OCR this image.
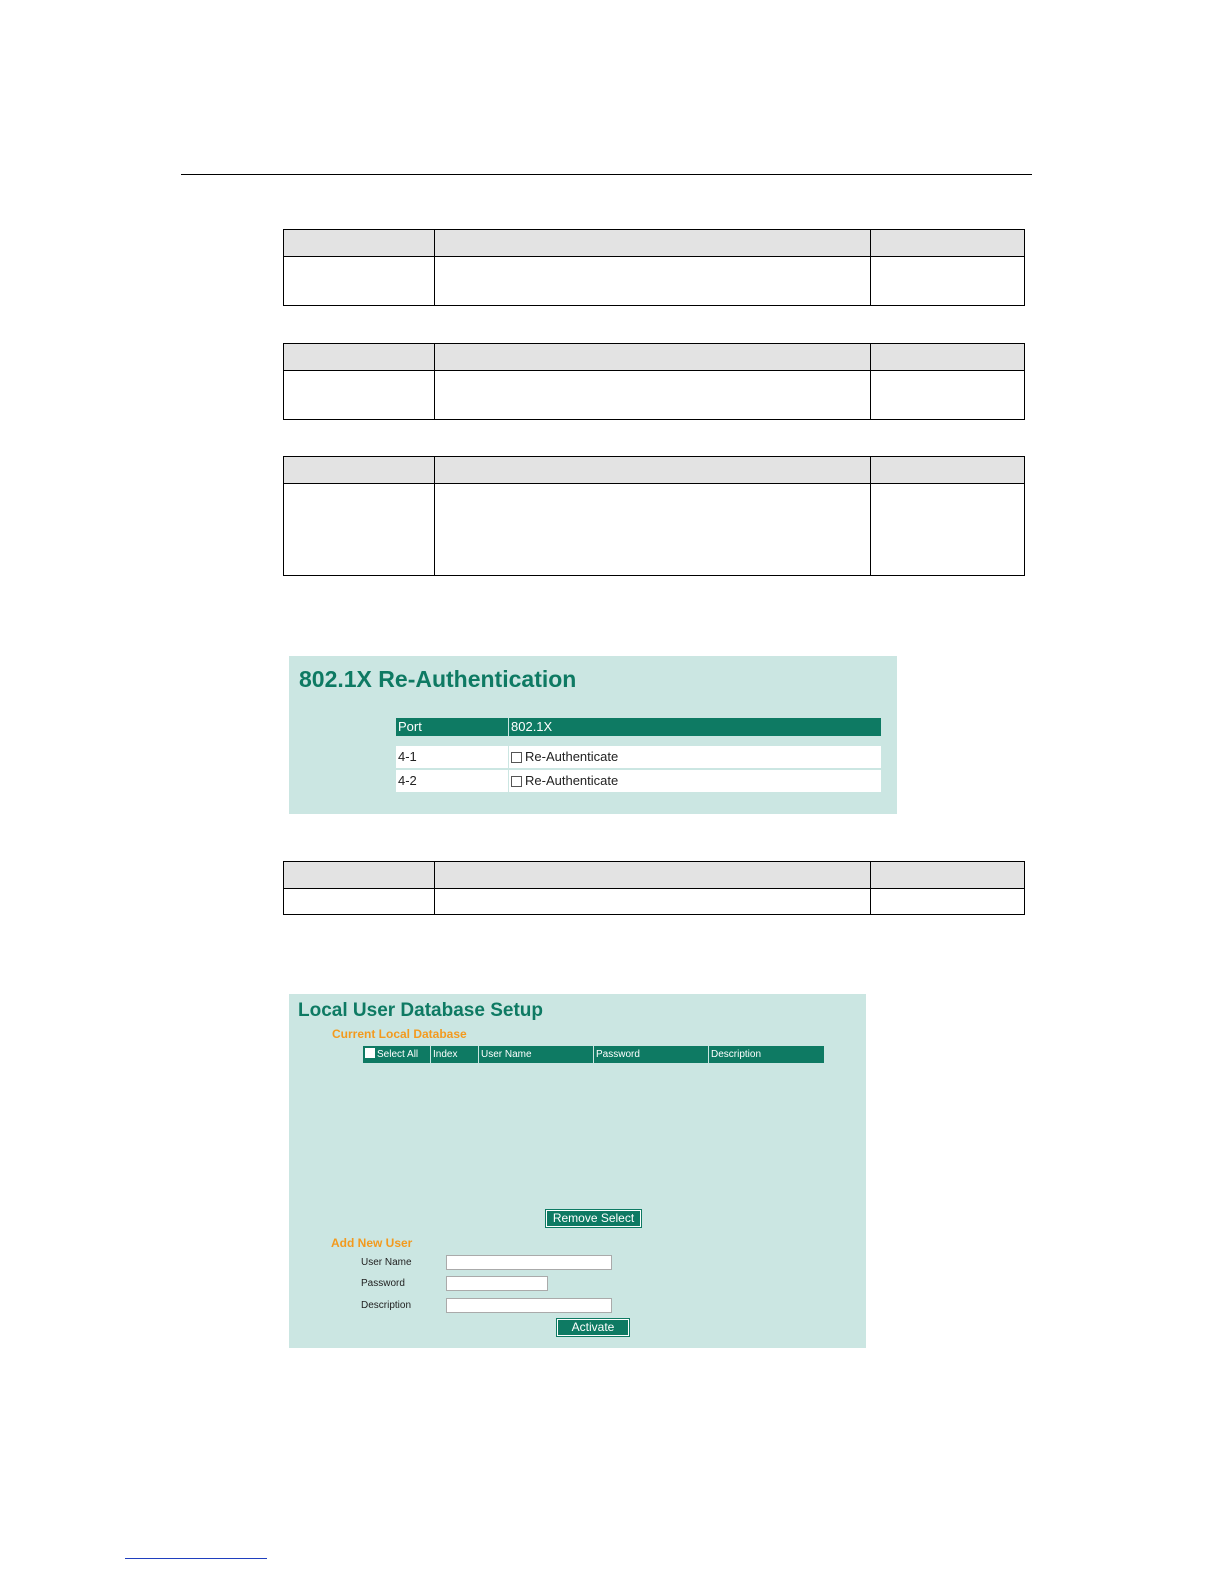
802.1X Re-Authentication
Port	802.1X
4-1	Re-Authenticate
4-2	Re-Authenticate

Local User Database Setup
Current Local Database
Select All	Index	User Name	Password	Description
Remove Select
Add New User
User Name
Password
Description
Activate
